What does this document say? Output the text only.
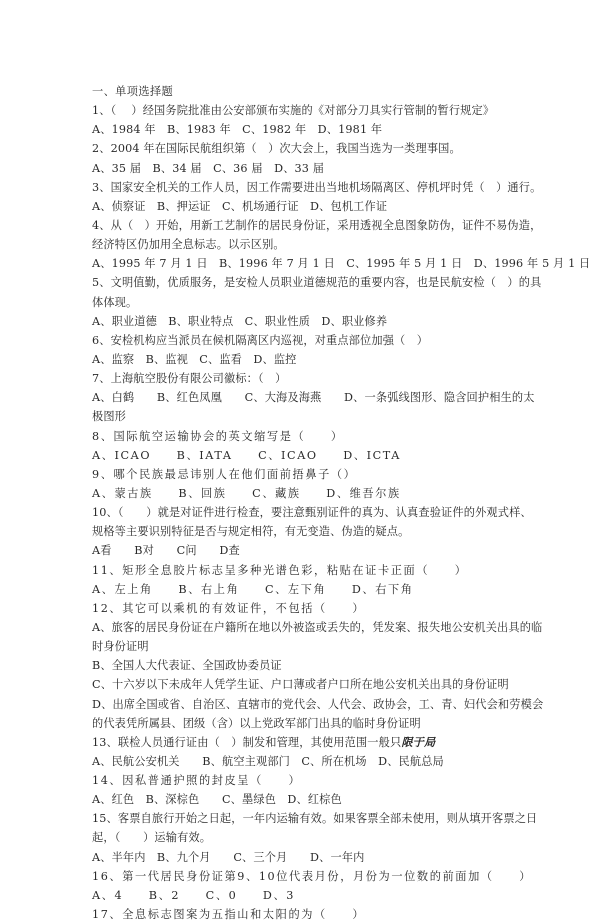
一、单项选择题
1、（　 ）经国务院批准由公安部颁布实施的《对部分刀具实行管制的暂行规定》
A、1984 年　B、1983 年　C、1982 年　D、1981 年
2、2004 年在国际民航组织第（　）次大会上，我国当选为一类理事国。
A、35 届　B、34 届　C、36 届　D、33 届
3、国家安全机关的工作人员，因工作需要进出当地机场隔离区、停机坪时凭（　）通行。
A、侦察证　B、押运证　C、机场通行证　D、包机工作证
4、从（　）开始，用新工艺制作的居民身份证，采用透视全息图象防伪，证件不易伪造，
经济特区仍加用全息标志。以示区别。
A、1995 年 7 月 1 日　B、1996 年 7 月 1 日　C、1995 年 5 月 1 日　D、1996 年 5 月 1 日
5、文明值勤，优质服务，是安检人员职业道德规范的重要内容，也是民航安检（　）的具
体体现。
A、职业道德　B、职业特点　C、职业性质　D、职业修养
6、安检机构应当派员在候机隔离区内巡视，对重点部位加强（　）
A、监察　B、监视　C、监看　D、监控
7、上海航空股份有限公司徽标：（　）
A、白鹤　　B、红色凤凰　　C、大海及海燕　　D、一条弧线图形、隐含回护相生的太
极图形
8、国际航空运输协会的英文缩写是（　　）
A、ICAO　　B、IATA　　C、ICAO　　D、ICTA
9、哪个民族最忌讳别人在他们面前捂鼻子（）
A、蒙古族　　B、回族　　C、藏族　　D、维吾尔族
10、（　　）就是对证件进行检查，要注意甄别证件的真为、认真查验证件的外观式样、
规格等主要识别特征是否与规定相符，有无变造、伪造的疑点。
A看　　B对　　C问　　D查
11、矩形全息胶片标志呈多种光谱色彩，粘贴在证卡正面（　　）
A、左上角　　B、右上角　　C、左下角　　D、右下角
12、其它可以乘机的有效证件，不包括（　　）
A、旅客的居民身份证在户籍所在地以外被盗或丢失的，凭发案、报失地公安机关出具的临
时身份证明
B、全国人大代表证、全国政协委员证
C、十六岁以下未成年人凭学生证、户口薄或者户口所在地公安机关出具的身份证明
D、出席全国或省、自治区、直辖市的党代会、人代会、政协会，工、青、妇代会和劳模会
的代表凭所属县、团级（含）以上党政军部门出具的临时身份证明
13、联检人员通行证由（　）制发和管理，其使用范围一般只限于局
A、民航公安机关　　B、航空主观部门　C、所在机场　D、民航总局
14、因私普通护照的封皮呈（　　）
A、红色　B、深棕色　　C、墨绿色　D、红棕色
15、客票自旅行开始之日起，一年内运输有效。如果客票全部未使用，则从填开客票之日
起，（　　）运输有效。
A、半年内　B、九个月　　C、三个月　　D、一年内
16、第一代居民身份证第9、10位代表月份，月份为一位数的前面加（　　）
A、4　　B、2　　C、0　　D、3
17、全息标志图案为五指山和太阳的为（　　）
